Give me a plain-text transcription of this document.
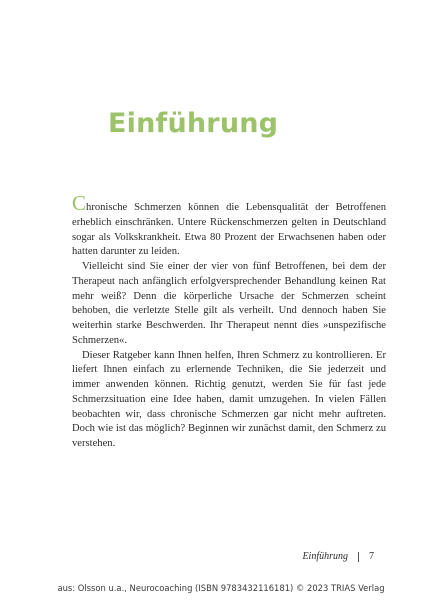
Einführung

Chronische Schmerzen können die Lebensqualität der Betroffenen erheblich einschränken. Untere Rückenschmerzen gelten in Deutschland sogar als Volkskrankheit. Etwa 80 Prozent der Erwachsenen haben oder hatten darunter zu leiden.

Vielleicht sind Sie einer der vier von fünf Betroffenen, bei dem der Therapeut nach anfänglich erfolgversprechender Behandlung keinen Rat mehr weiß? Denn die körperliche Ursache der Schmerzen scheint behoben, die verletzte Stelle gilt als verheilt. Und dennoch haben Sie weiterhin starke Beschwerden. Ihr Therapeut nennt dies »unspezifische Schmerzen«.

Dieser Ratgeber kann Ihnen helfen, Ihren Schmerz zu kontrollieren. Er liefert Ihnen einfach zu erlernende Techniken, die Sie jederzeit und immer anwenden können. Richtig genutzt, werden Sie für fast jede Schmerzsituation eine Idee haben, damit umzugehen. In vielen Fällen beobachten wir, dass chronische Schmerzen gar nicht mehr auftreten. Doch wie ist das möglich? Beginnen wir zunächst damit, den Schmerz zu verstehen.

Einführung 7
aus: Olsson u.a., Neurocoaching (ISBN 9783432116181) © 2023 TRIAS Verlag
